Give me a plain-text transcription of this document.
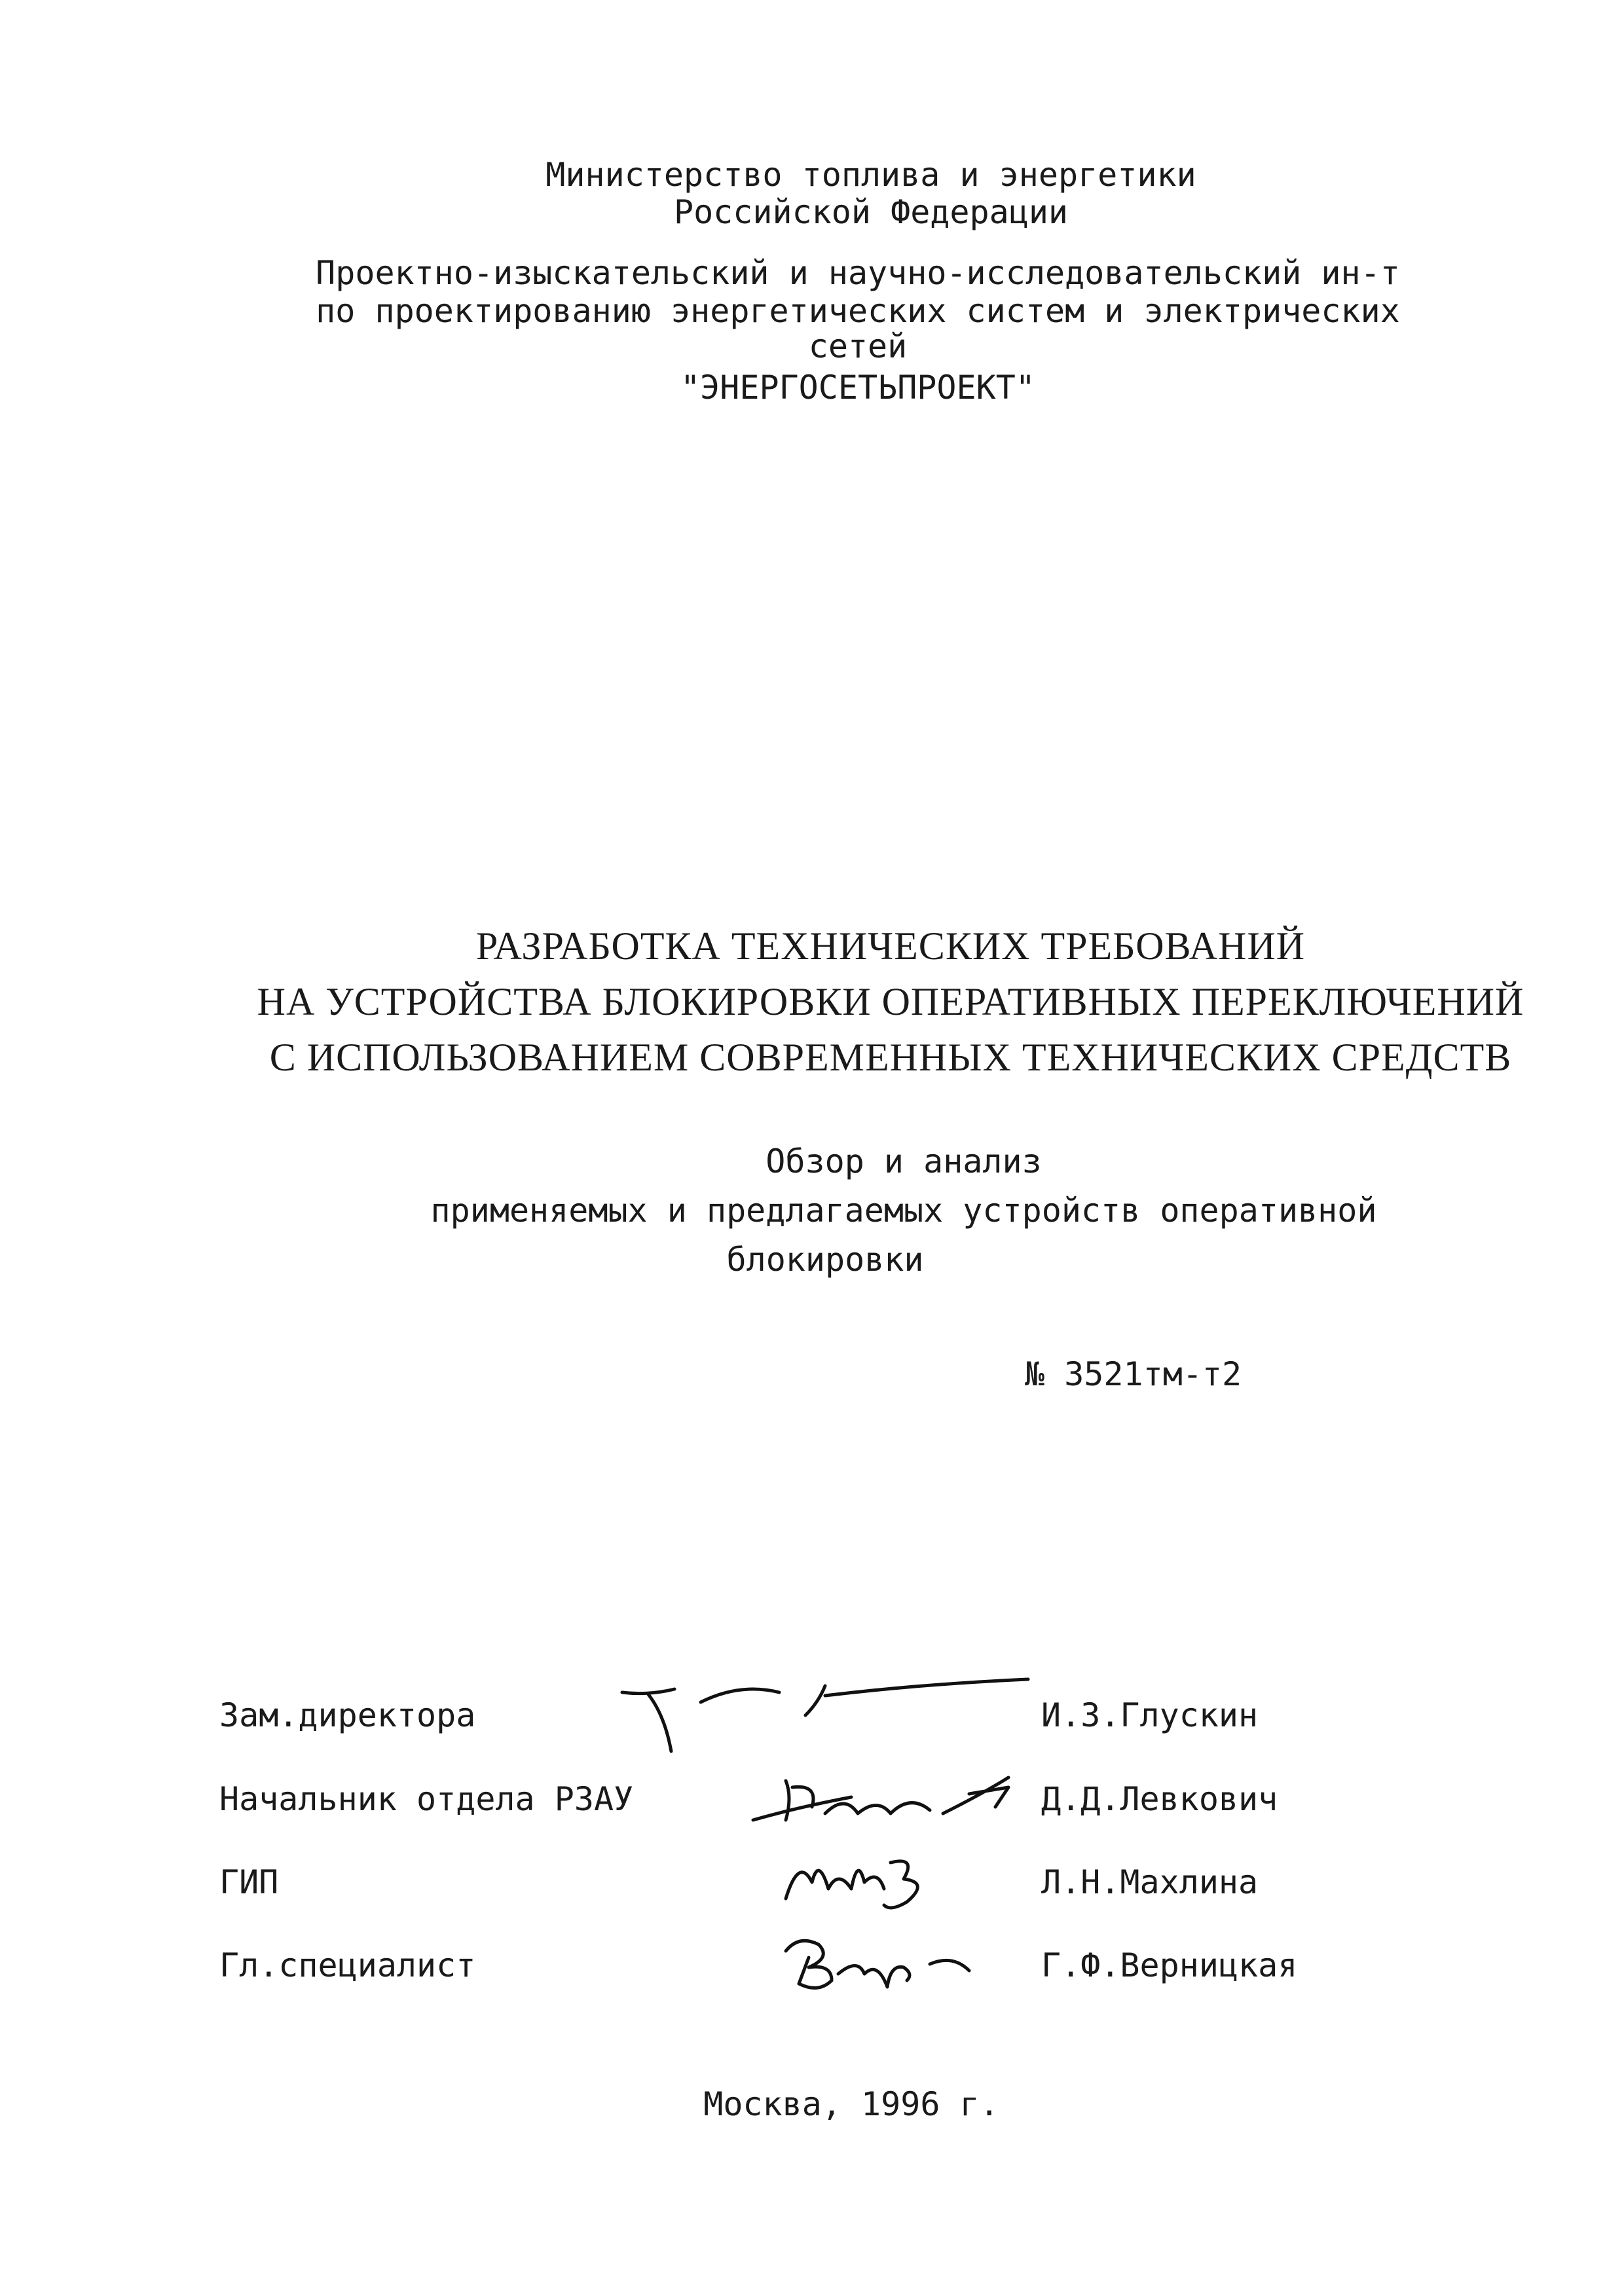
Министерство топлива и энергетики
Российской Федерации
Проектно-изыскательский и научно-исследовательский ин-т
по проектированию энергетических систем и электрических
сетей
"ЭНЕРГОСЕТЬПРОЕКТ"
РАЗРАБОТКА ТЕХНИЧЕСКИХ ТРЕБОВАНИЙ
НА УСТРОЙСТВА БЛОКИРОВКИ ОПЕРАТИВНЫХ ПЕРЕКЛЮЧЕНИЙ
С ИСПОЛЬЗОВАНИЕМ СОВРЕМЕННЫХ ТЕХНИЧЕСКИХ СРЕДСТВ
Обзор и анализ
применяемых и предлагаемых устройств оперативной
блокировки
№ 3521тм-т2
Зам.директора	И.З.Глускин
Начальник отдела РЗАУ	Д.Д.Левкович
ГИП	Л.Н.Махлина
Гл.специалист	Г.Ф.Верницкая
Москва, 1996 г.
